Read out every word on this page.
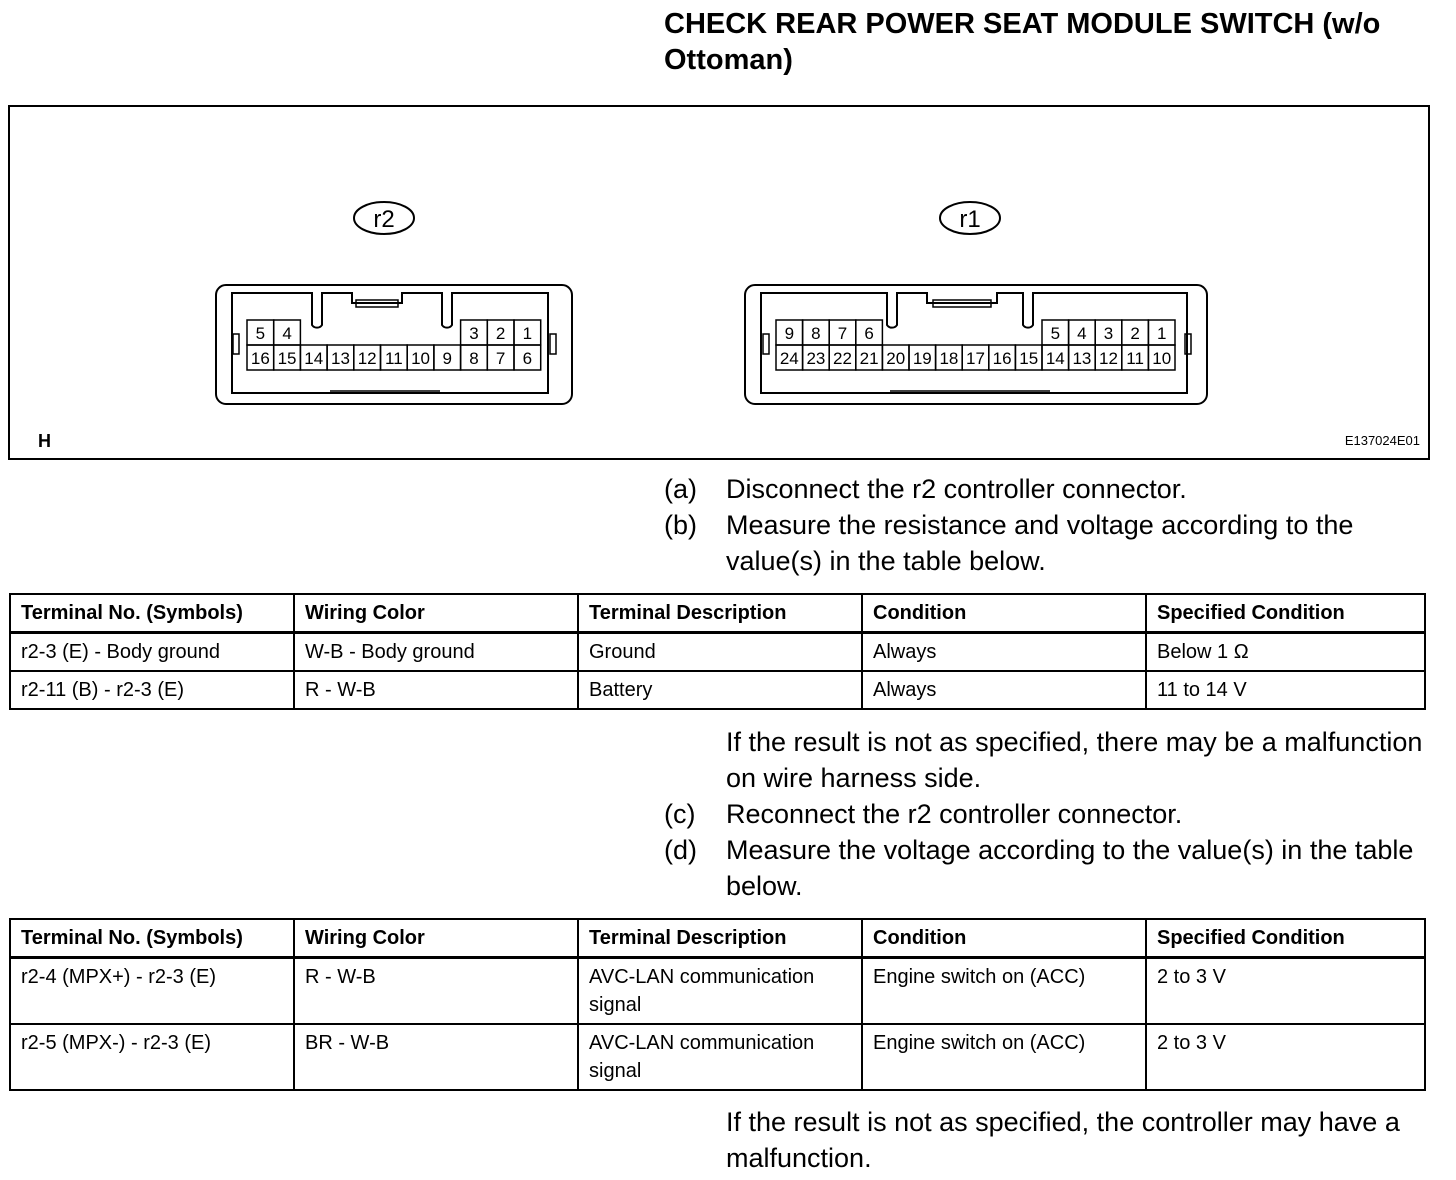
CHECK REAR POWER SEAT MODULE SWITCH (w/o Ottoman)
r2	r1
5 4	3 2 1
16 15 14 13 12 11 10 9 8 7 6
9 8 7 6	5 4 3 2 1
24 23 22 21 20 19 18 17 16 15 14 13 12 11 10
H	E137024E01
(a)	Disconnect the r2 controller connector.
(b)	Measure the resistance and voltage according to the value(s) in the table below.
Terminal No. (Symbols)	Wiring Color	Terminal Description	Condition	Specified Condition
r2-3 (E) - Body ground	W-B - Body ground	Ground	Always	Below 1 Ω
r2-11 (B) - r2-3 (E)	R - W-B	Battery	Always	11 to 14 V
If the result is not as specified, there may be a malfunction on wire harness side.
(c)	Reconnect the r2 controller connector.
(d)	Measure the voltage according to the value(s) in the table below.
Terminal No. (Symbols)	Wiring Color	Terminal Description	Condition	Specified Condition
r2-4 (MPX+) - r2-3 (E)	R - W-B	AVC-LAN communication signal	Engine switch on (ACC)	2 to 3 V
r2-5 (MPX-) - r2-3 (E)	BR - W-B	AVC-LAN communication signal	Engine switch on (ACC)	2 to 3 V
If the result is not as specified, the controller may have a malfunction.
